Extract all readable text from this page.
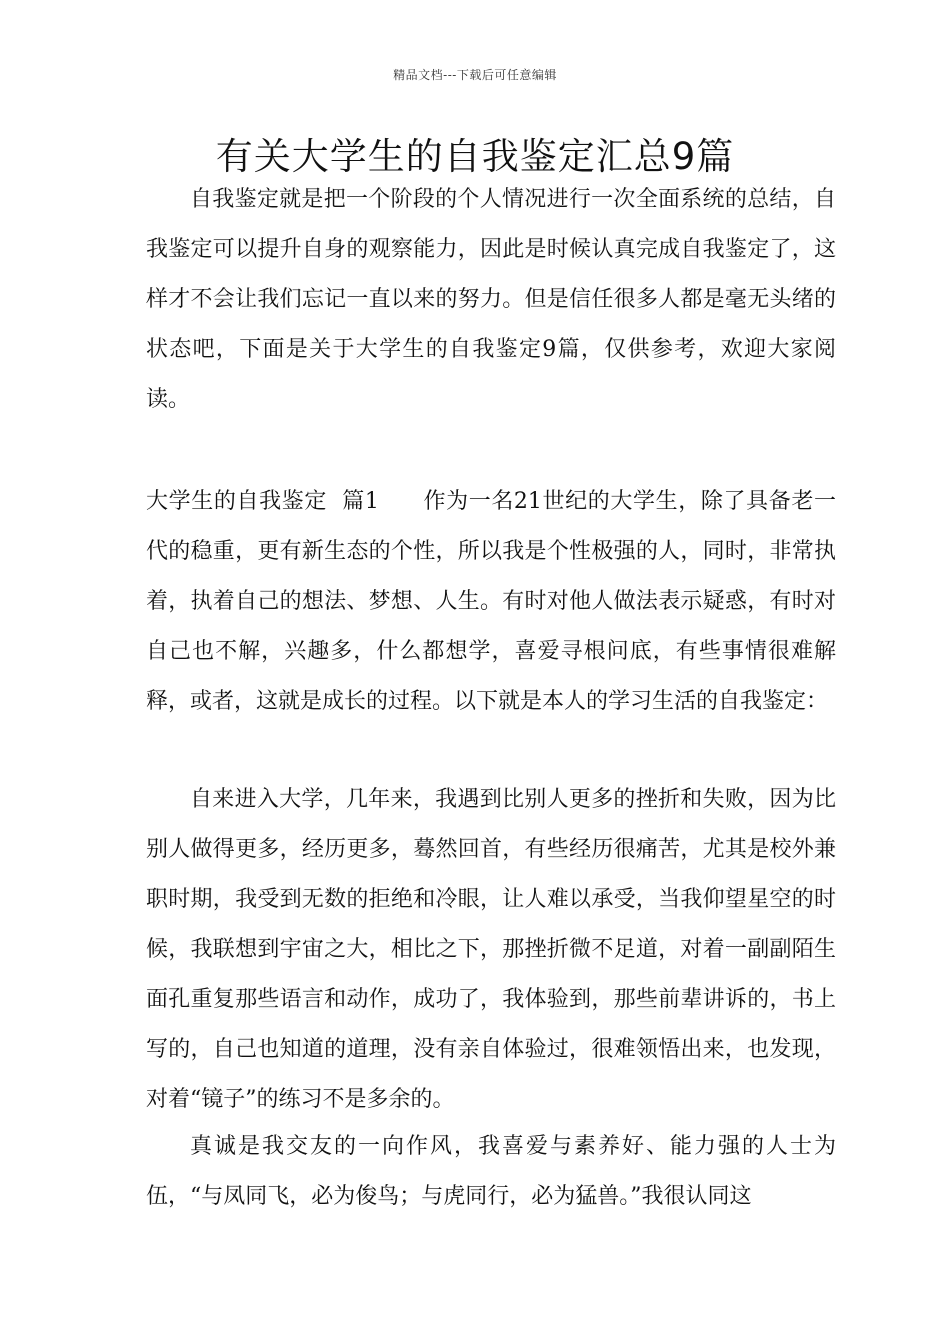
精品文档---下载后可任意编辑
有关大学生的自我鉴定汇总9篇

自我鉴定就是把一个阶段的个人情况进行一次全面系统的总结，自我鉴定可以提升自身的观察能力，因此是时候认真完成自我鉴定了，这样才不会让我们忘记一直以来的努力。但是信任很多人都是毫无头绪的状态吧，下面是关于大学生的自我鉴定9篇，仅供参考，欢迎大家阅读。

大学生的自我鉴定  篇1 作为一名21世纪的大学生，除了具备老一代的稳重，更有新生态的个性，所以我是个性极强的人，同时，非常执着，执着自己的想法、梦想、人生。有时对他人做法表示疑惑，有时对自己也不解，兴趣多，什么都想学，喜爱寻根问底，有些事情很难解释，或者，这就是成长的过程。以下就是本人的学习生活的自我鉴定：

自来进入大学，几年来，我遇到比别人更多的挫折和失败，因为比别人做得更多，经历更多，蓦然回首，有些经历很痛苦，尤其是校外兼职时期，我受到无数的拒绝和冷眼，让人难以承受，当我仰望星空的时候，我联想到宇宙之大，相比之下，那挫折微不足道，对着一副副陌生面孔重复那些语言和动作，成功了，我体验到，那些前辈讲诉的，书上写的，自己也知道的道理，没有亲自体验过，很难领悟出来，也发现，对着“镜子”的练习不是多余的。

真诚是我交友的一向作风，我喜爱与素养好、能力强的人士为伍，“与凤同飞，必为俊鸟；与虎同行，必为猛兽。”我很认同这
